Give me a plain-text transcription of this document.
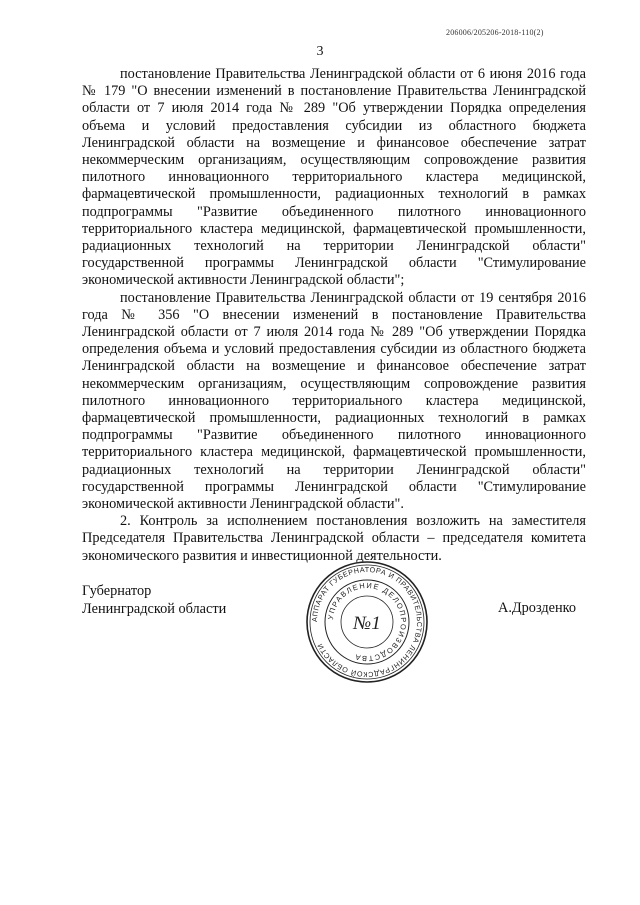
206006/205206-2018-110(2)
3

постановление Правительства Ленинградской области от 6 июня 2016 года № 179 "О внесении изменений в постановление Правительства Ленинградской области от 7 июля 2014 года № 289 "Об утверждении Порядка определения объема и условий предоставления субсидии из областного бюджета Ленинградской области на возмещение и финансовое обеспечение затрат некоммерческим организациям, осуществляющим сопровождение развития пилотного инновационного территориального кластера медицинской, фармацевтической промышленности, радиационных технологий в рамках подпрограммы "Развитие объединенного пилотного инновационного территориального кластера медицинской, фармацевтической промышленности, радиационных технологий на территории Ленинградской области" государственной программы Ленинградской области "Стимулирование экономической активности Ленинградской области";

постановление Правительства Ленинградской области от 19 сентября 2016 года № 356 "О внесении изменений в постановление Правительства Ленинградской области от 7 июля 2014 года № 289 "Об утверждении Порядка определения объема и условий предоставления субсидии из областного бюджета Ленинградской области на возмещение и финансовое обеспечение затрат некоммерческим организациям, осуществляющим сопровождение развития пилотного инновационного территориального кластера медицинской, фармацевтической промышленности, радиационных технологий в рамках подпрограммы "Развитие объединенного пилотного инновационного территориального кластера медицинской, фармацевтической промышленности, радиационных технологий на территории Ленинградской области" государственной программы Ленинградской области "Стимулирование экономической активности Ленинградской области".

2. Контроль за исполнением постановления возложить на заместителя Председателя Правительства Ленинградской области – председателя комитета экономического развития и инвестиционной деятельности.

Губернатор
Ленинградской области
АППАРАТ ГУБЕРНАТОРА И ПРАВИТЕЛЬСТВА ЛЕНИНГРАДСКОЙ ОБЛАСТИ
УПРАВЛЕНИЕ ДЕЛОПРОИЗВОДСТВА
№1
А.Дрозденко
